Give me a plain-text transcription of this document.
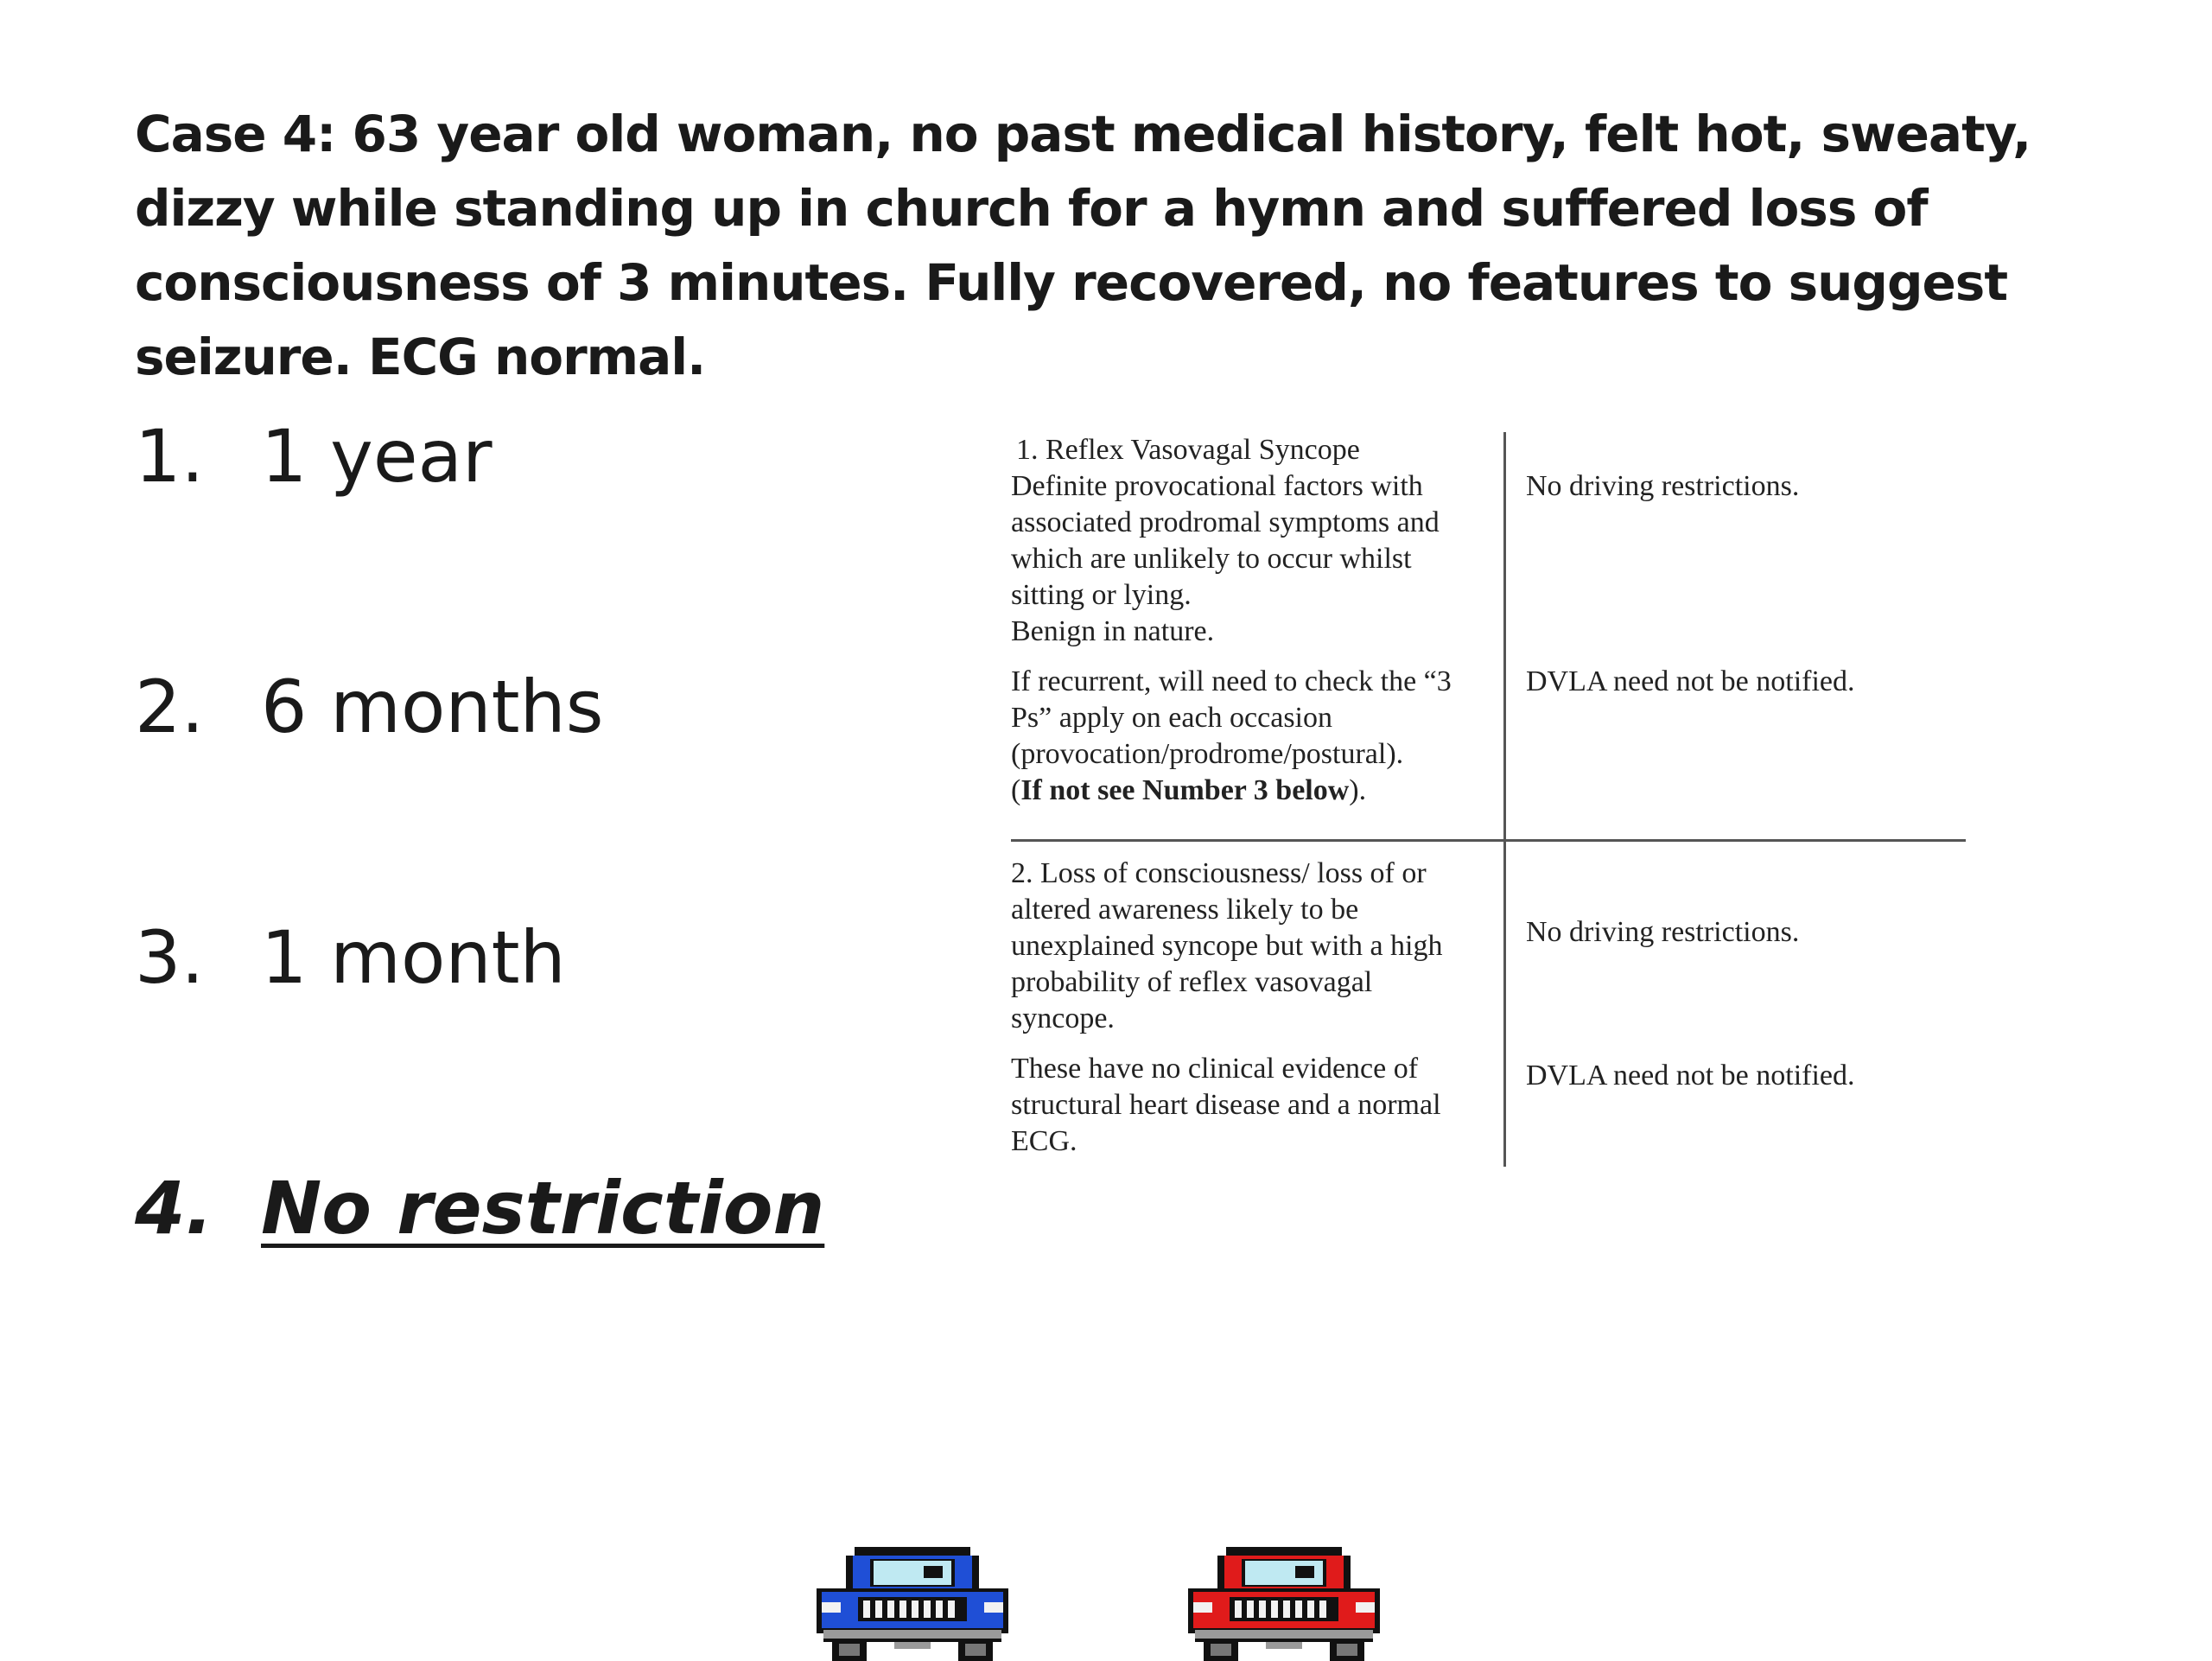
Case 4: 63 year old woman, no past medical history, felt hot, sweaty, dizzy while standing up in church for a hymn and suffered loss of consciousness of 3 minutes. Fully recovered, no features to suggest seizure. ECG normal.

1. 1 year

2. 6 months

3. 1 month

4. No restriction

1. Reflex Vasovagal Syncope
Definite provocational factors with
associated prodromal symptoms and
which are unlikely to occur whilst
sitting or lying.
Benign in nature.
If recurrent, will need to check the “3
Ps” apply on each occasion
(provocation/prodrome/postural).
(If not see Number 3 below).
No driving restrictions.
DVLA need not be notified.
2. Loss of consciousness/ loss of or
altered awareness likely to be
unexplained syncope but with a high
probability of reflex vasovagal
syncope.
These have no clinical evidence of
structural heart disease and a normal
ECG.
No driving restrictions.
DVLA need not be notified.
